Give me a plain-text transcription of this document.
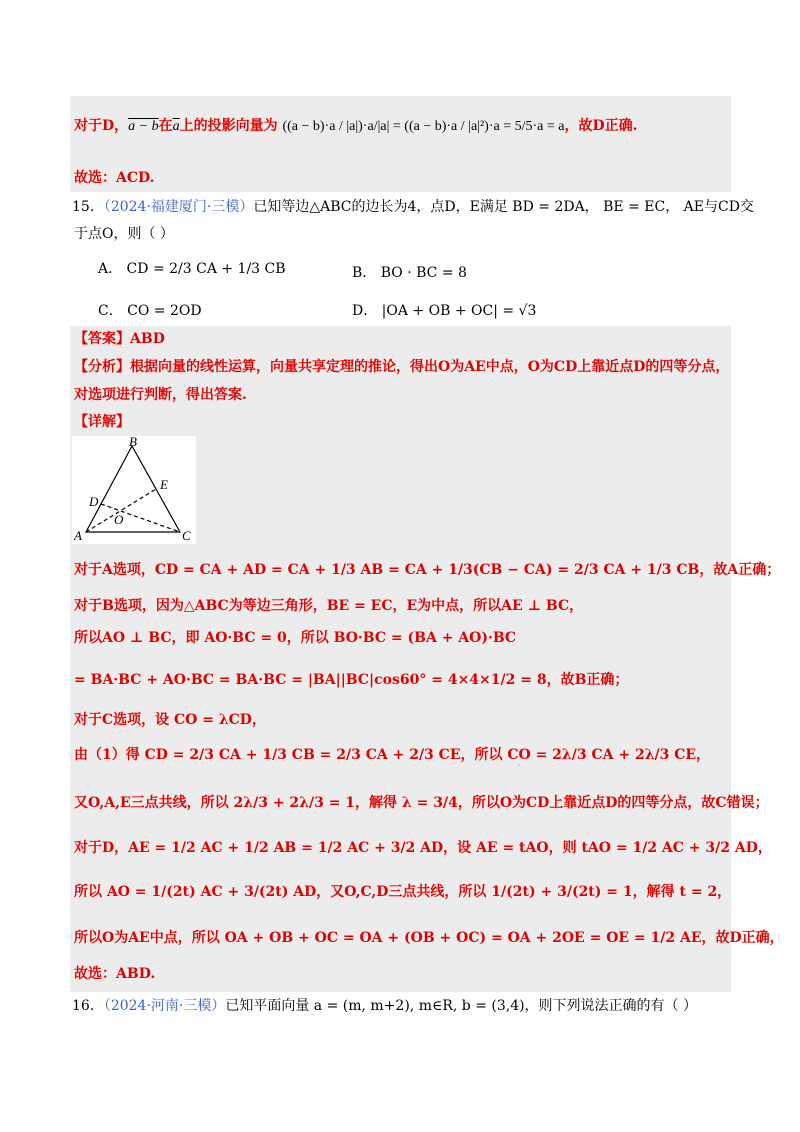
对于D，a − b在$\overline{a}$上的投影向量为 ((a − b)·a / |a|)·a/|a| = ((a − b)·a / |a|²)·a = 5/5·a = a，故D正确.
故选：ACD.
15．（2024·福建厦门·三模）已知等边△ABC的边长为4，点D，E满足 BD = 2DA， BE = EC， AE与CD交
于点O，则（ ）
A． CD = 2/3 CA + 1/3 CB	B． BO · BC = 8
C． CO = 2OD	D． |OA + OB + OC| = √3
【答案】ABD
【分析】根据向量的线性运算，向量共享定理的推论，得出O为AE中点，O为CD上靠近点D的四等分点，
对选项进行判断，得出答案.
【详解】
B
E
D
O
A	C
对于A选项，CD = CA + AD = CA + 1/3 AB = CA + 1/3(CB − CA) = 2/3 CA + 1/3 CB，故A正确；
对于B选项，因为△ABC为等边三角形，BE = EC，E为中点，所以AE ⊥ BC，
所以AO ⊥ BC，即 AO·BC = 0，所以 BO·BC = (BA + AO)·BC
= BA·BC + AO·BC = BA·BC = |BA||BC|cos60° = 4×4×1/2 = 8，故B正确；
对于C选项，设 CO = λCD，
由（1）得 CD = 2/3 CA + 1/3 CB = 2/3 CA + 2/3 CE，所以 CO = 2λ/3 CA + 2λ/3 CE，
又O,A,E三点共线，所以 2λ/3 + 2λ/3 = 1，解得 λ = 3/4，所以O为CD上靠近点D的四等分点，故C错误；
对于D，AE = 1/2 AC + 1/2 AB = 1/2 AC + 3/2 AD，设 AE = tAO，则 tAO = 1/2 AC + 3/2 AD，
所以 AO = 1/(2t) AC + 3/(2t) AD，又O,C,D三点共线，所以 1/(2t) + 3/(2t) = 1，解得 t = 2，
所以O为AE中点，所以 OA + OB + OC = OA + (OB + OC) = OA + 2OE = OE = 1/2 AE，故D正确，
故选：ABD.
16．（2024·河南·三模）已知平面向量 a = (m, m+2), m∈R, b = (3,4)，则下列说法正确的有（ ）
